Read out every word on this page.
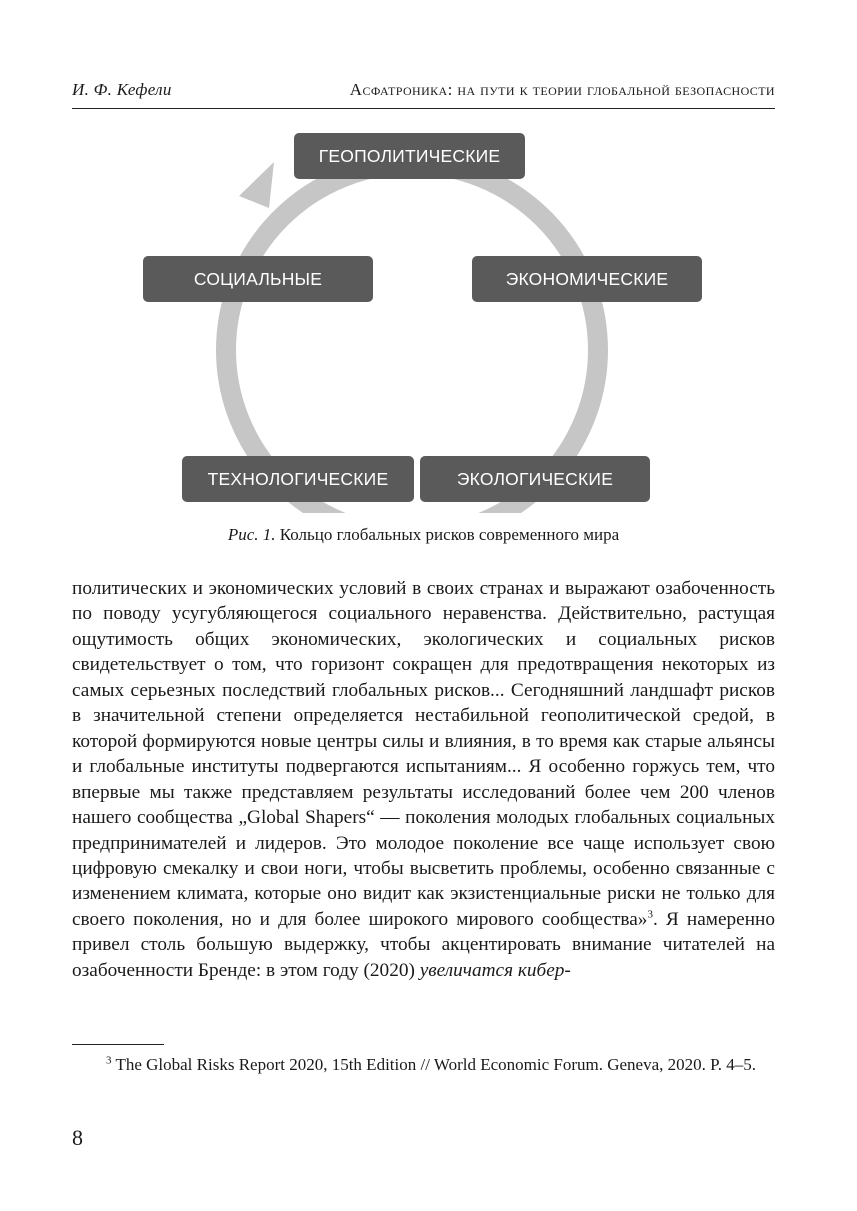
И. Ф. Кефели	Асфатроника: на пути к теории глобальной безопасности
ГЕОПОЛИТИЧЕСКИЕ
ЭКОНОМИЧЕСКИЕ
СОЦИАЛЬНЫЕ
ТЕХНОЛОГИЧЕСКИЕ	ЭКОЛОГИЧЕСКИЕ
Рис. 1. Кольцо глобальных рисков современного мира
политических и экономических условий в своих странах и выражают озабоченность по поводу усугубляющегося социального неравенства. Действительно, растущая ощутимость общих экономических, экологических и социальных рисков свидетельствует о том, что горизонт сокращен для предотвращения некоторых из самых серьезных последствий глобальных рисков... Сегодняшний ландшафт рисков в значительной степени определяется нестабильной геополитической средой, в которой формируются новые центры силы и влияния, в то время как старые альянсы и глобальные институты подвергаются испытаниям... Я особенно горжусь тем, что впервые мы также представляем результаты исследований более чем 200 членов нашего сообщества „Global Shapers“ — поколения молодых глобальных социальных предпринимателей и лидеров. Это молодое поколение все чаще использует свою цифровую смекалку и свои ноги, чтобы высветить проблемы, особенно связанные с изменением климата, которые оно видит как экзистенциальные риски не только для своего поколения, но и для более широкого мирового сообщества»$^3$. Я намеренно привел столь большую выдержку, чтобы акцентировать внимание читателей на озабоченности Бренде: в этом году (2020) увеличатся кибер-
$^3$ The Global Risks Report 2020, 15th Edition // World Economic Forum. Geneva, 2020. P. 4–5.
8
